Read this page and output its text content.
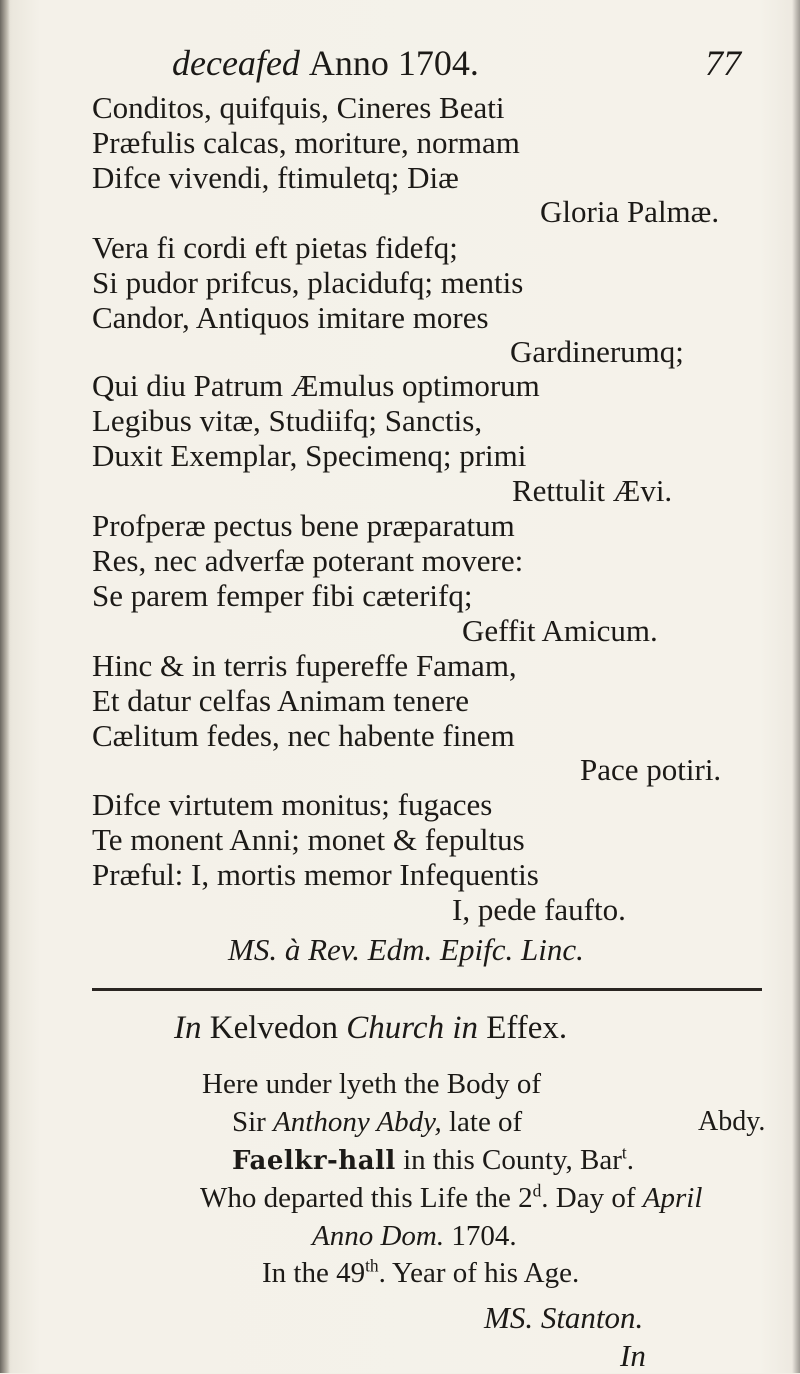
deceafed Anno 1704.	77
Conditos, quifquis, Cineres Beati
Præfulis calcas, moriture, normam
Difce vivendi, ftimuletq; Diæ
Gloria Palmæ.
Vera fi cordi eft pietas fidefq;
Si pudor prifcus, placidufq; mentis
Candor, Antiquos imitare mores
Gardinerumq;
Qui diu Patrum Æmulus optimorum
Legibus vitæ, Studiifq; Sanctis,
Duxit Exemplar, Specimenq; primi
Rettulit Ævi.
Profperæ pectus bene præparatum
Res, nec adverfæ poterant movere:
Se parem femper fibi cæterifq;
Geffit Amicum.
Hinc & in terris fupereffe Famam,
Et datur celfas Animam tenere
Cælitum fedes, nec habente finem
Pace potiri.
Difce virtutem monitus; fugaces
Te monent Anni; monet & fepultus
Præful: I, mortis memor Infequentis
I, pede faufto.
MS. à Rev. Edm. Epifc. Linc.
In Kelvedon Church in Effex.
Here under lyeth the Body of
Sir Anthony Abdy, late of	Abdy.
Faelkr-hall in this County, Bar$^t$.
Who departed this Life the 2$^d$. Day of April
Anno Dom. 1704.
In the 49th. Year of his Age.
MS. Stanton.
In
